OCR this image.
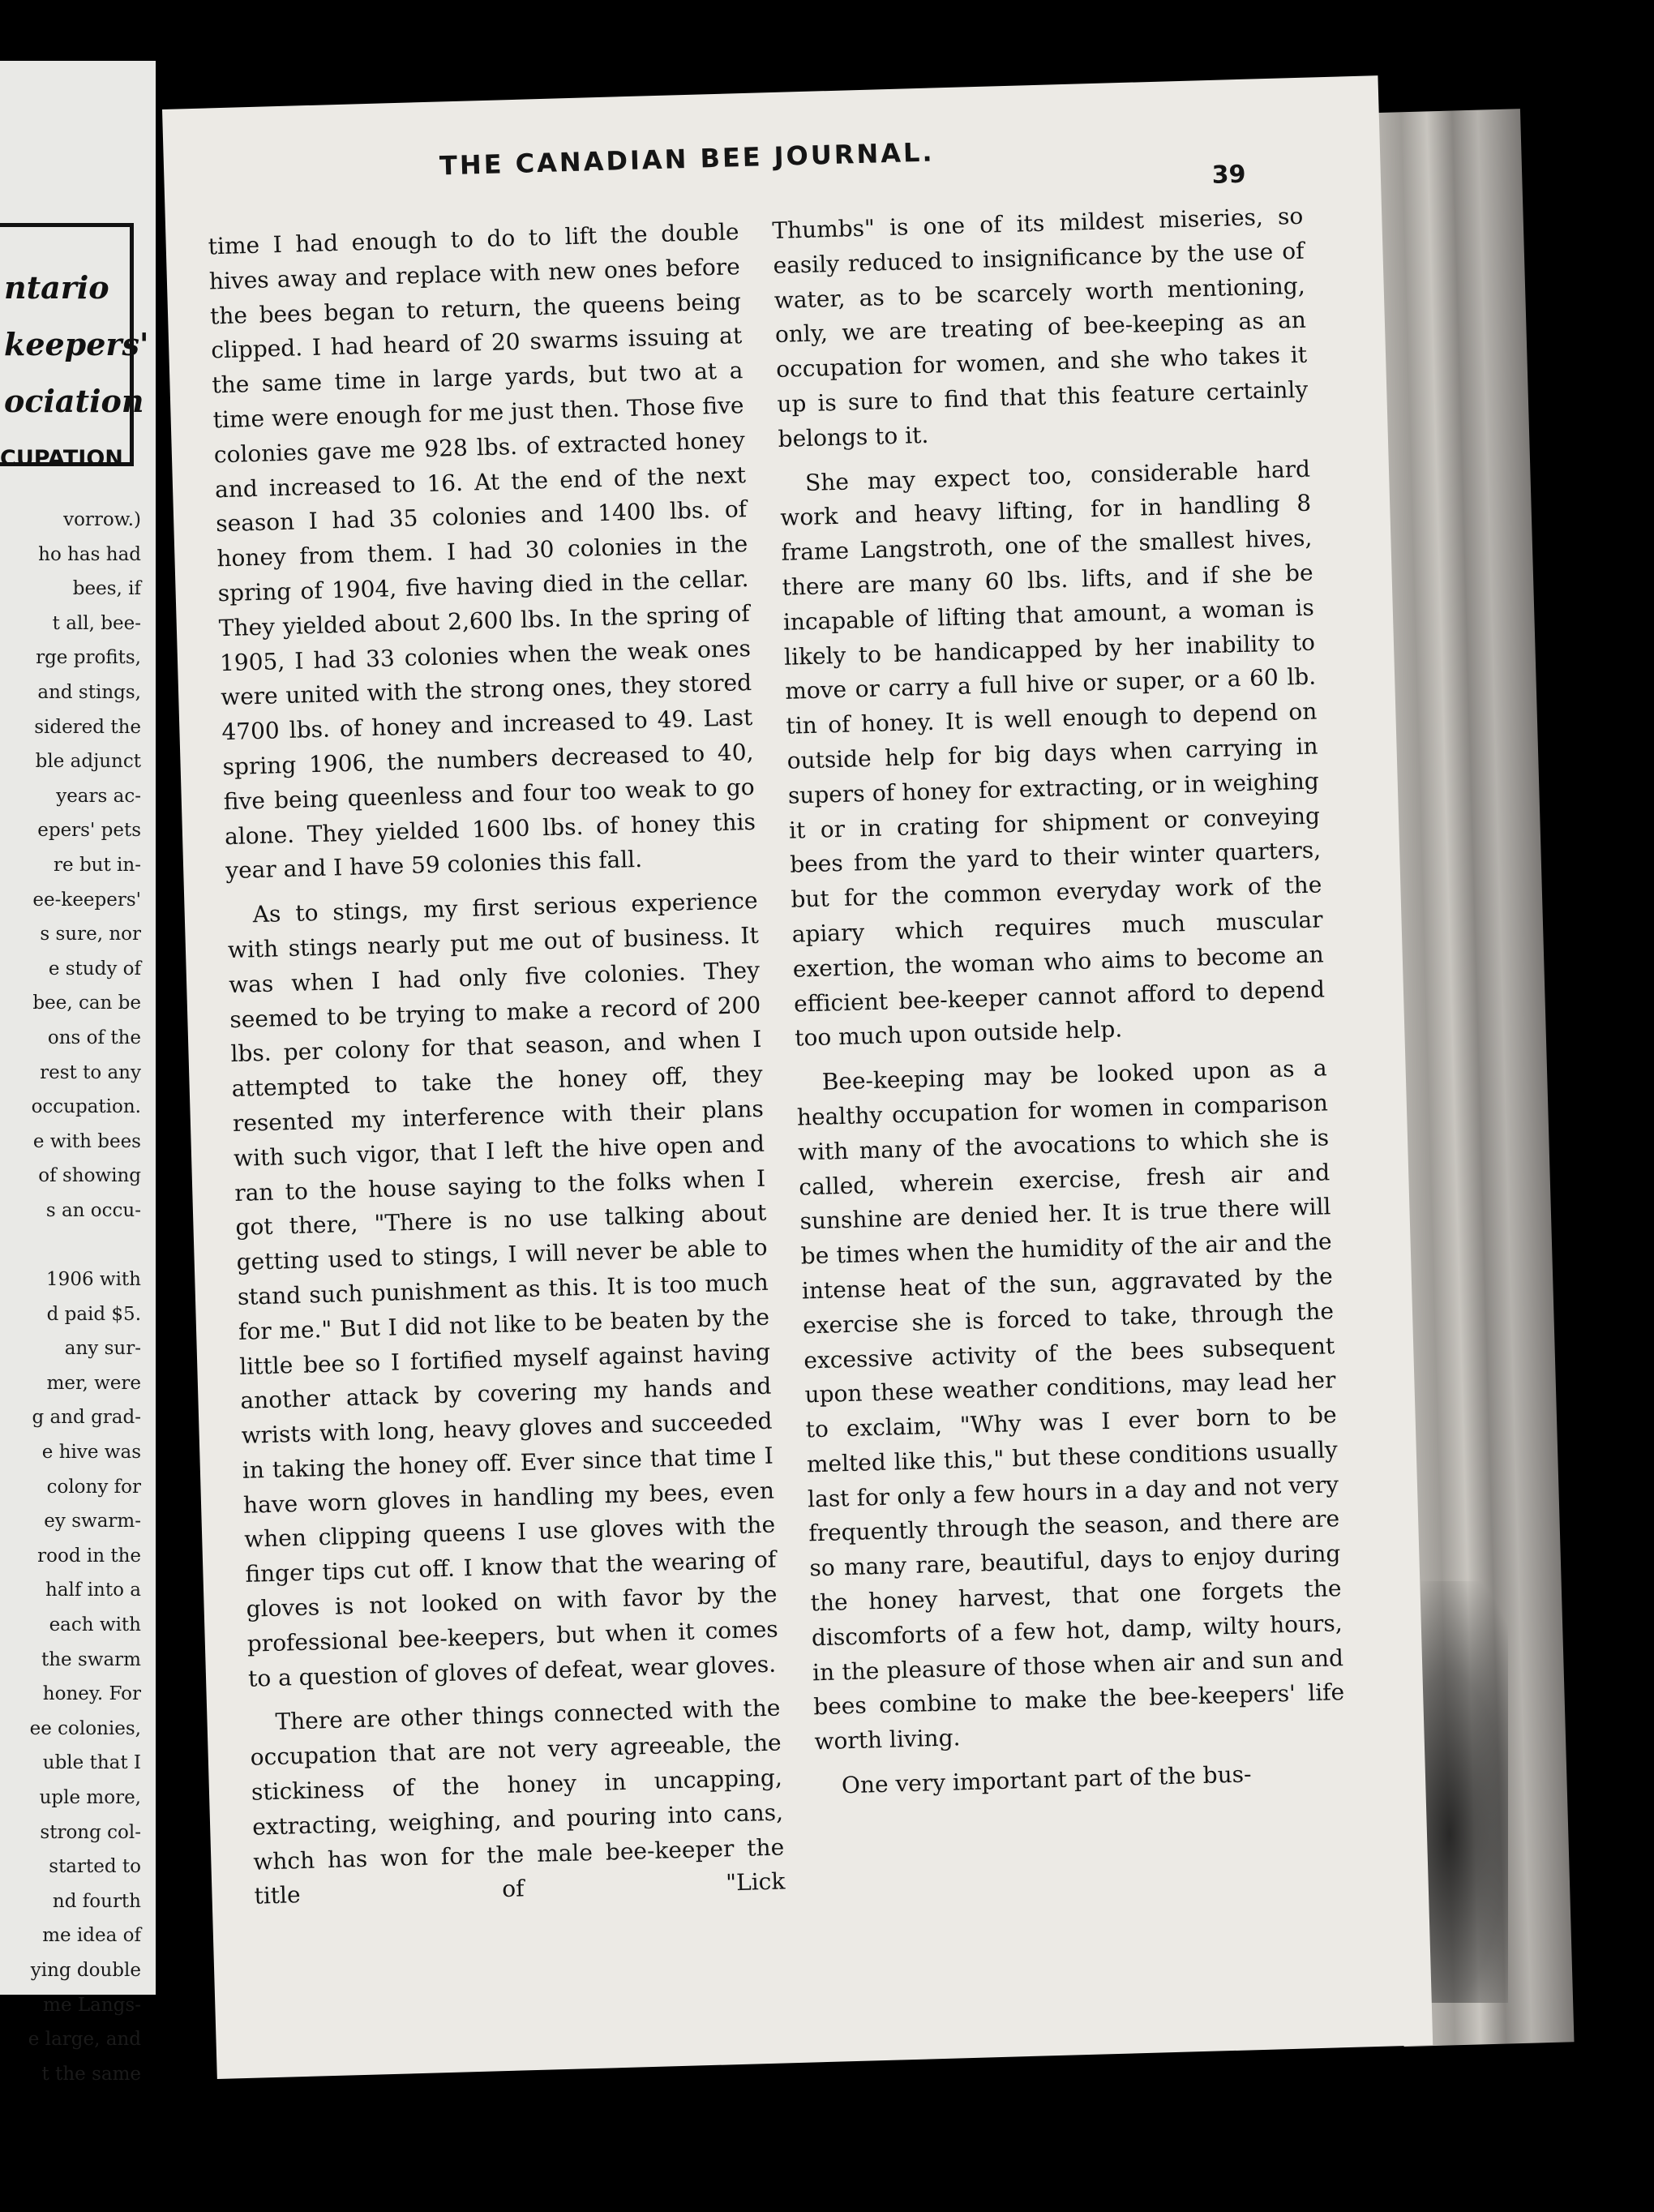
ntario
keepers'
ociation
CUPATION
vorrow.)
ho has had
bees, if
t all, bee-
rge profits,
and stings,
sidered the
ble adjunct
years ac-
epers' pets
re but in-
ee-keepers'
s sure, nor
e study of
bee, can be
ons of the
rest to any
occupation.
e with bees
of showing
s an occu-

1906 with
d paid $5.
any sur-
mer, were
g and grad-
e hive was
colony for
ey swarm-
rood in the
half into a
each with
the swarm
honey. For
ee colonies,
uble that I
uple more,
strong col-
started to
nd fourth
me idea of
ying double
me Langs-
e large, and
t the same
THE CANADIAN BEE JOURNAL.	39

time I had enough to do to lift the double hives away and replace with new ones before the bees began to return, the queens being clipped. I had heard of 20 swarms issuing at the same time in large yards, but two at a time were enough for me just then. Those five colonies gave me 928 lbs. of extracted honey and increased to 16. At the end of the next season I had 35 colonies and 1400 lbs. of honey from them. I had 30 colonies in the spring of 1904, five having died in the cellar. They yielded about 2,600 lbs. In the spring of 1905, I had 33 colonies when the weak ones were united with the strong ones, they stored 4700 lbs. of honey and increased to 49. Last spring 1906, the numbers decreased to 40, five being queenless and four too weak to go alone. They yielded 1600 lbs. of honey this year and I have 59 colonies this fall.

As to stings, my first serious experience with stings nearly put me out of business. It was when I had only five colonies. They seemed to be trying to make a record of 200 lbs. per colony for that season, and when I attempted to take the honey off, they resented my interference with their plans with such vigor, that I left the hive open and ran to the house saying to the folks when I got there, "There is no use talking about getting used to stings, I will never be able to stand such punishment as this. It is too much for me." But I did not like to be beaten by the little bee so I fortified myself against having another attack by covering my hands and wrists with long, heavy gloves and succeeded in taking the honey off. Ever since that time I have worn gloves in handling my bees, even when clipping queens I use gloves with the finger tips cut off. I know that the wearing of gloves is not looked on with favor by the professional bee-keepers, but when it comes to a question of gloves of defeat, wear gloves.

There are other things connected with the occupation that are not very agreeable, the stickiness of the honey in uncapping, extracting, weighing, and pouring into cans, whch has won for the male bee-keeper the title of "Lick

Thumbs" is one of its mildest miseries, so easily reduced to insignificance by the use of water, as to be scarcely worth mentioning, only, we are treating of bee-keeping as an occupation for women, and she who takes it up is sure to find that this feature certainly belongs to it.

She may expect too, considerable hard work and heavy lifting, for in handling 8 frame Langstroth, one of the smallest hives, there are many 60 lbs. lifts, and if she be incapable of lifting that amount, a woman is likely to be handicapped by her inability to move or carry a full hive or super, or a 60 lb. tin of honey. It is well enough to depend on outside help for big days when carrying in supers of honey for extracting, or in weighing it or in crating for shipment or conveying bees from the yard to their winter quarters, but for the common everyday work of the apiary which requires much muscular exertion, the woman who aims to become an efficient bee-keeper cannot afford to depend too much upon outside help.

Bee-keeping may be looked upon as a healthy occupation for women in comparison with many of the avocations to which she is called, wherein exercise, fresh air and sunshine are denied her. It is true there will be times when the humidity of the air and the intense heat of the sun, aggravated by the exercise she is forced to take, through the excessive activity of the bees subsequent upon these weather conditions, may lead her to exclaim, "Why was I ever born to be melted like this," but these conditions usually last for only a few hours in a day and not very frequently through the season, and there are so many rare, beautiful, days to enjoy during the honey harvest, that one forgets the discomforts of a few hot, damp, wilty hours, in the pleasure of those when air and sun and bees combine to make the bee-keepers' life worth living.

One very important part of the bus-
